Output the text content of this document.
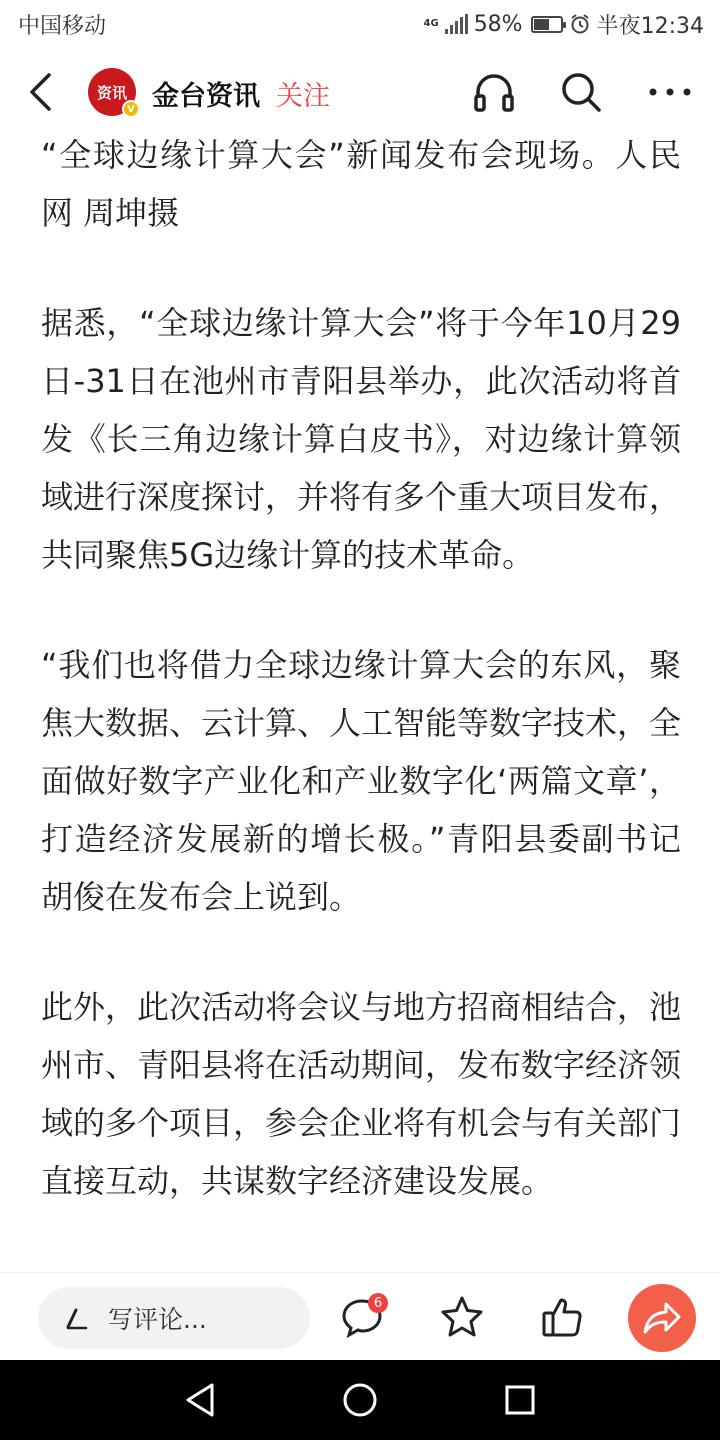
中国移动	4G 58%	半夜12:34
资讯
V 金台资讯 关注

“全球边缘计算大会”新闻发布会现场。人民网 周坤摄

据悉，“全球边缘计算大会”将于今年10月29日-31日在池州市青阳县举办，此次活动将首发《长三角边缘计算白皮书》，对边缘计算领域进行深度探讨，并将有多个重大项目发布，共同聚焦5G边缘计算的技术革命。

“我们也将借力全球边缘计算大会的东风，聚焦大数据、云计算、人工智能等数字技术，全面做好数字产业化和产业数字化‘两篇文章’，打造经济发展新的增长极。”青阳县委副书记胡俊在发布会上说到。

此外，此次活动将会议与地方招商相结合，池州市、青阳县将在活动期间，发布数字经济领域的多个项目，参会企业将有机会与有关部门直接互动，共谋数字经济建设发展。

写评论...
6
